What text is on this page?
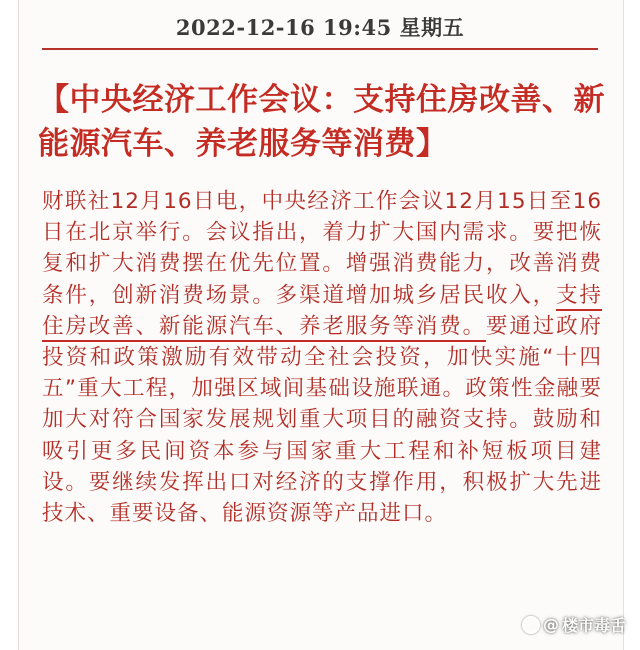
2022-12-16 19:45 星期五
【中央经济工作会议：支持住房改善、新能源汽车、养老服务等消费】
财联社12月16日电，中央经济工作会议12月15日至16日在北京举行。会议指出，着力扩大国内需求。要把恢复和扩大消费摆在优先位置。增强消费能力，改善消费条件，创新消费场景。多渠道增加城乡居民收入，支持住房改善、新能源汽车、养老服务等消费。要通过政府投资和政策激励有效带动全社会投资，加快实施“十四五”重大工程，加强区域间基础设施联通。政策性金融要加大对符合国家发展规划重大项目的融资支持。鼓励和吸引更多民间资本参与国家重大工程和补短板项目建设。要继续发挥出口对经济的支撑作用，积极扩大先进技术、重要设备、能源资源等产品进口。
@ 楼市毒舌
